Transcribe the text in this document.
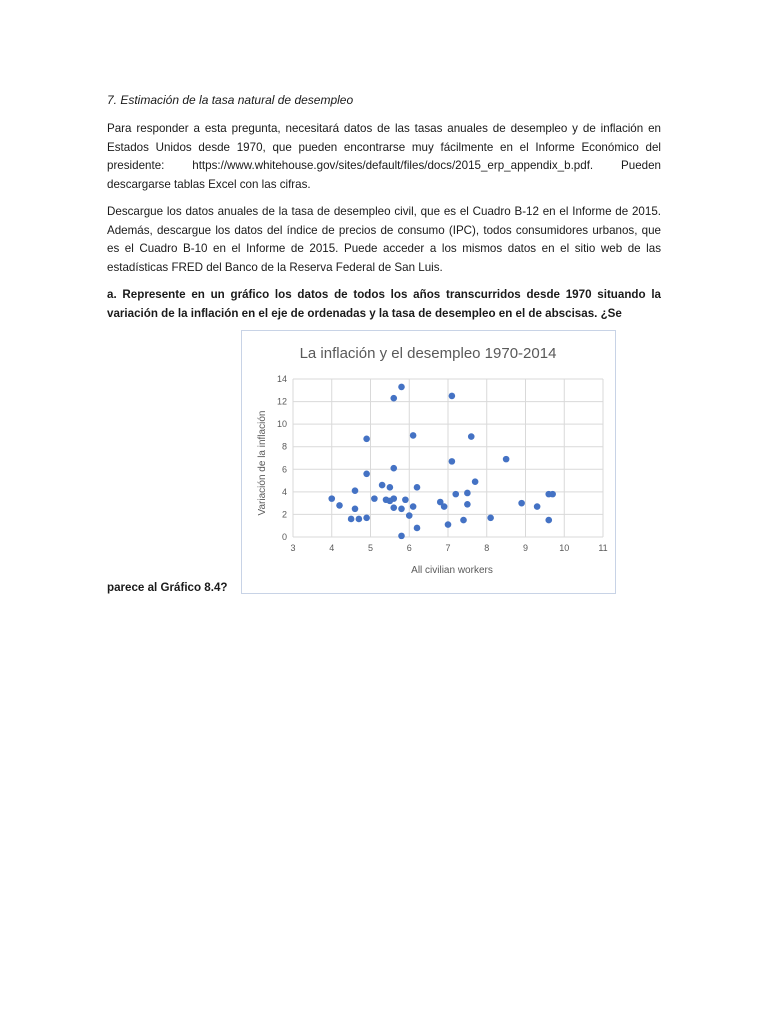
7. Estimación de la tasa natural de desempleo

Para responder a esta pregunta, necesitará datos de las tasas anuales de desempleo y de inflación en Estados Unidos desde 1970, que pueden encontrarse muy fácilmente en el Informe Económico del presidente: https://www.whitehouse.gov/sites/default/files/docs/2015_erp_appendix_b.pdf. Pueden descargarse tablas Excel con las cifras.

Descargue los datos anuales de la tasa de desempleo civil, que es el Cuadro B-12 en el Informe de 2015. Además, descargue los datos del índice de precios de consumo (IPC), todos consumidores urbanos, que es el Cuadro B-10 en el Informe de 2015. Puede acceder a los mismos datos en el sitio web de las estadísticas FRED del Banco de la Reserva Federal de San Luis.

a. Represente en un gráfico los datos de todos los años transcurridos desde 1970 situando la variación de la inflación en el eje de ordenadas y la tasa de desempleo en el de abscisas. ¿Se

La inflación y el desempleo 1970-2014
0
2
4
6
8
10
12
14
3	4	5	6	7	8	9	10	11
All civilian workers
Variación de la inflación
parece al Gráfico 8.4?
